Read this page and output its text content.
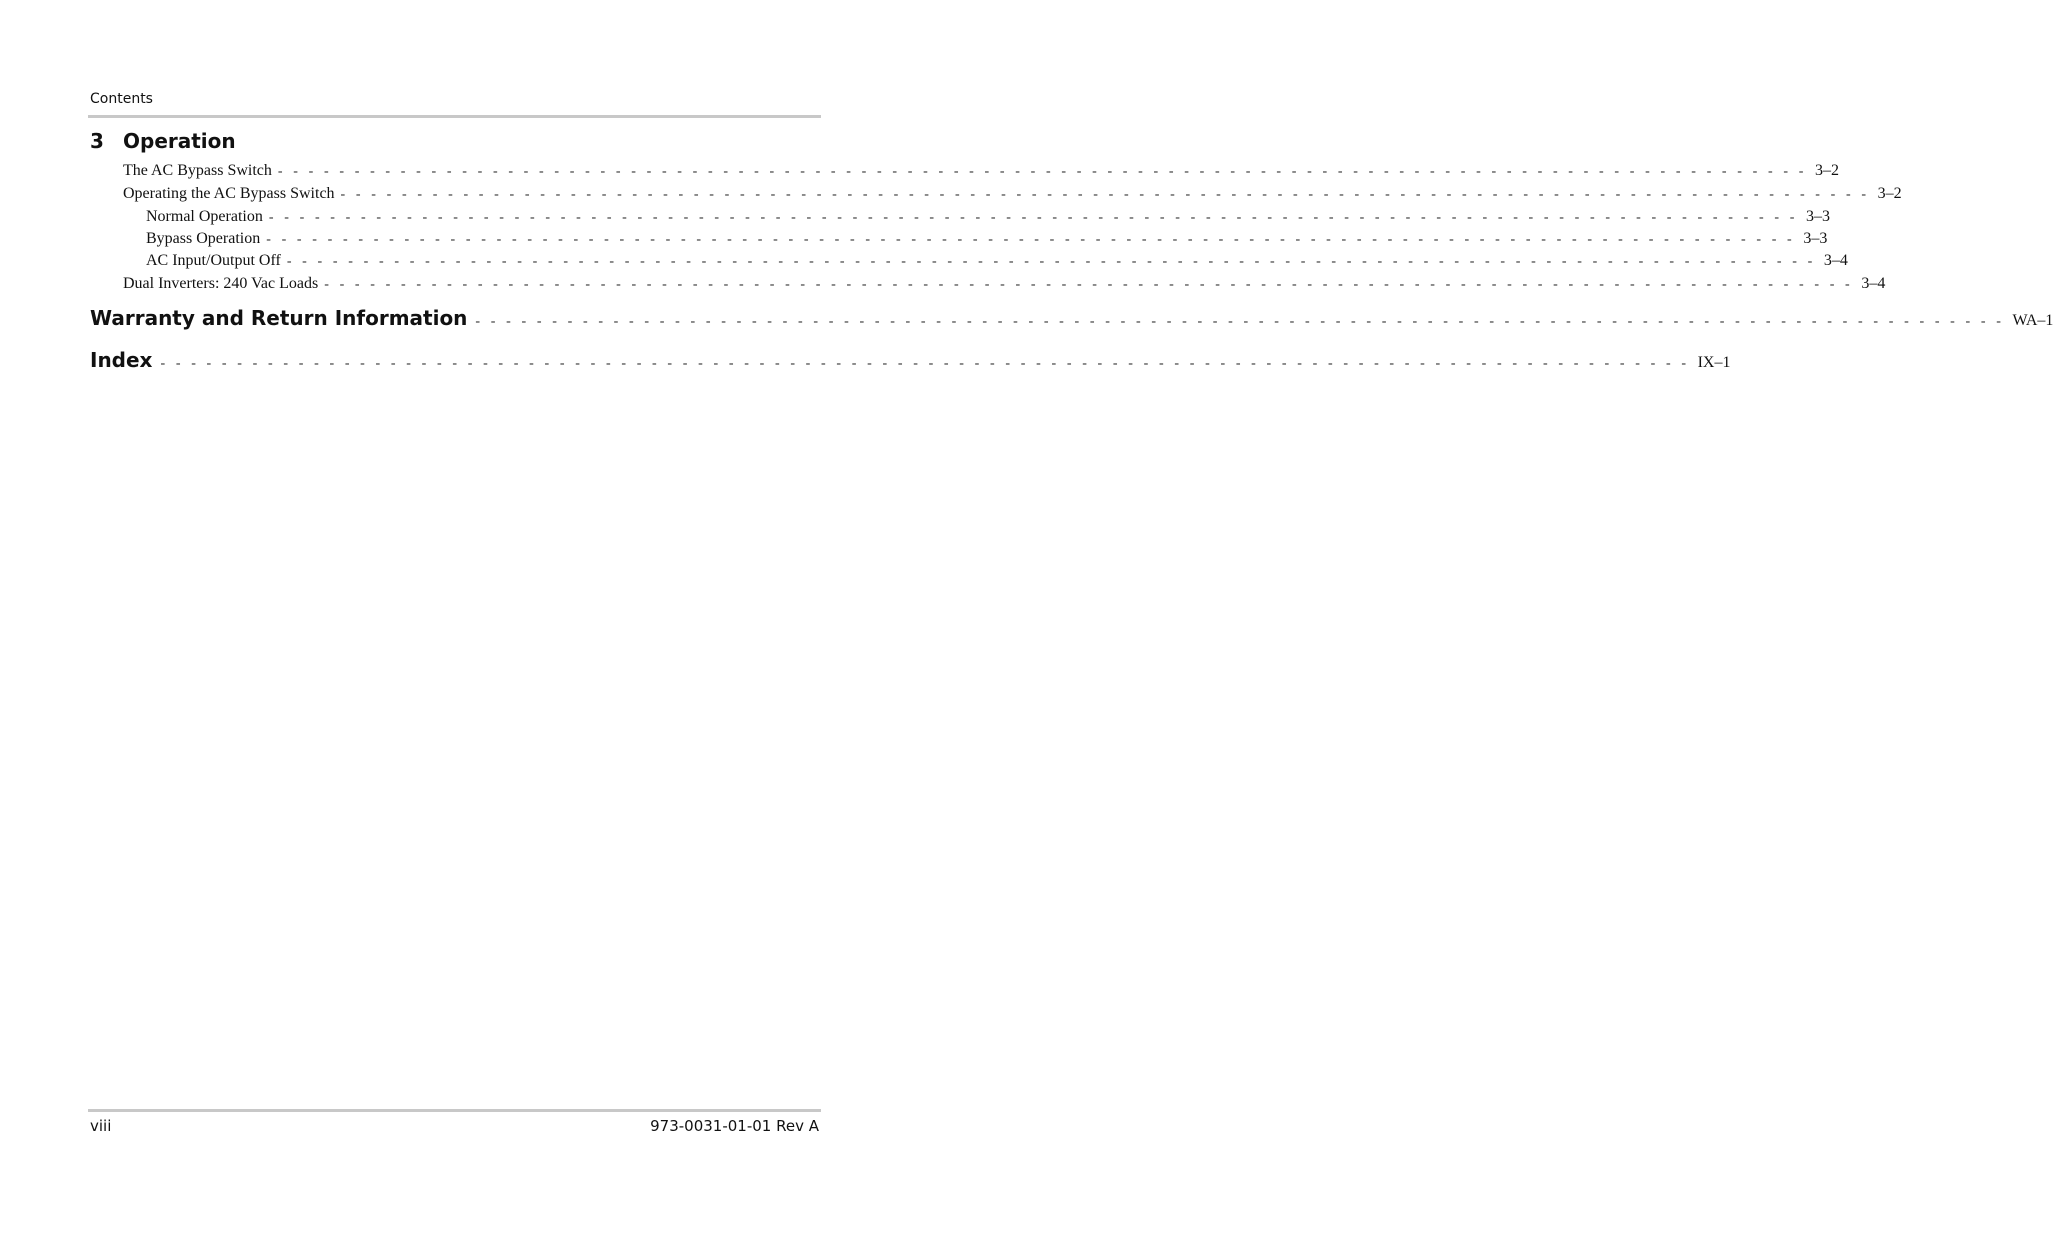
Contents
3 Operation
The AC Bypass Switch - - - - - - - - - - - - - - - - - - - - - - - - - - - - - - - - - - - - - - - - - - - - - - - - - - - - - - - - - - - - - - - - - - - - - - - - - - - - - - - - - - - - - - - - - - - - - - - - - - - - 3–2
Operating the AC Bypass Switch - - - - - - - - - - - - - - - - - - - - - - - - - - - - - - - - - - - - - - - - - - - - - - - - - - - - - - - - - - - - - - - - - - - - - - - - - - - - - - - - - - - - - - - - - - - - - - - - - - - - 3–2
Normal Operation - - - - - - - - - - - - - - - - - - - - - - - - - - - - - - - - - - - - - - - - - - - - - - - - - - - - - - - - - - - - - - - - - - - - - - - - - - - - - - - - - - - - - - - - - - - - - - - - - - - - 3–3
Bypass Operation - - - - - - - - - - - - - - - - - - - - - - - - - - - - - - - - - - - - - - - - - - - - - - - - - - - - - - - - - - - - - - - - - - - - - - - - - - - - - - - - - - - - - - - - - - - - - - - - - - - - 3–3
AC Input/Output Off - - - - - - - - - - - - - - - - - - - - - - - - - - - - - - - - - - - - - - - - - - - - - - - - - - - - - - - - - - - - - - - - - - - - - - - - - - - - - - - - - - - - - - - - - - - - - - - - - - - - 3–4
Dual Inverters: 240 Vac Loads - - - - - - - - - - - - - - - - - - - - - - - - - - - - - - - - - - - - - - - - - - - - - - - - - - - - - - - - - - - - - - - - - - - - - - - - - - - - - - - - - - - - - - - - - - - - - - - - - - - - 3–4
Warranty and Return Information - - - - - - - - - - - - - - - - - - - - - - - - - - - - - - - - - - - - - - - - - - - - - - - - - - - - - - - - - - - - - - - - - - - - - - - - - - - - - - - - - - - - - - - - - - - - - - - - - - - - WA–1
Index - - - - - - - - - - - - - - - - - - - - - - - - - - - - - - - - - - - - - - - - - - - - - - - - - - - - - - - - - - - - - - - - - - - - - - - - - - - - - - - - - - - - - - - - - - - - - - - - - - - - IX–1
viii	973-0031-01-01 Rev A
